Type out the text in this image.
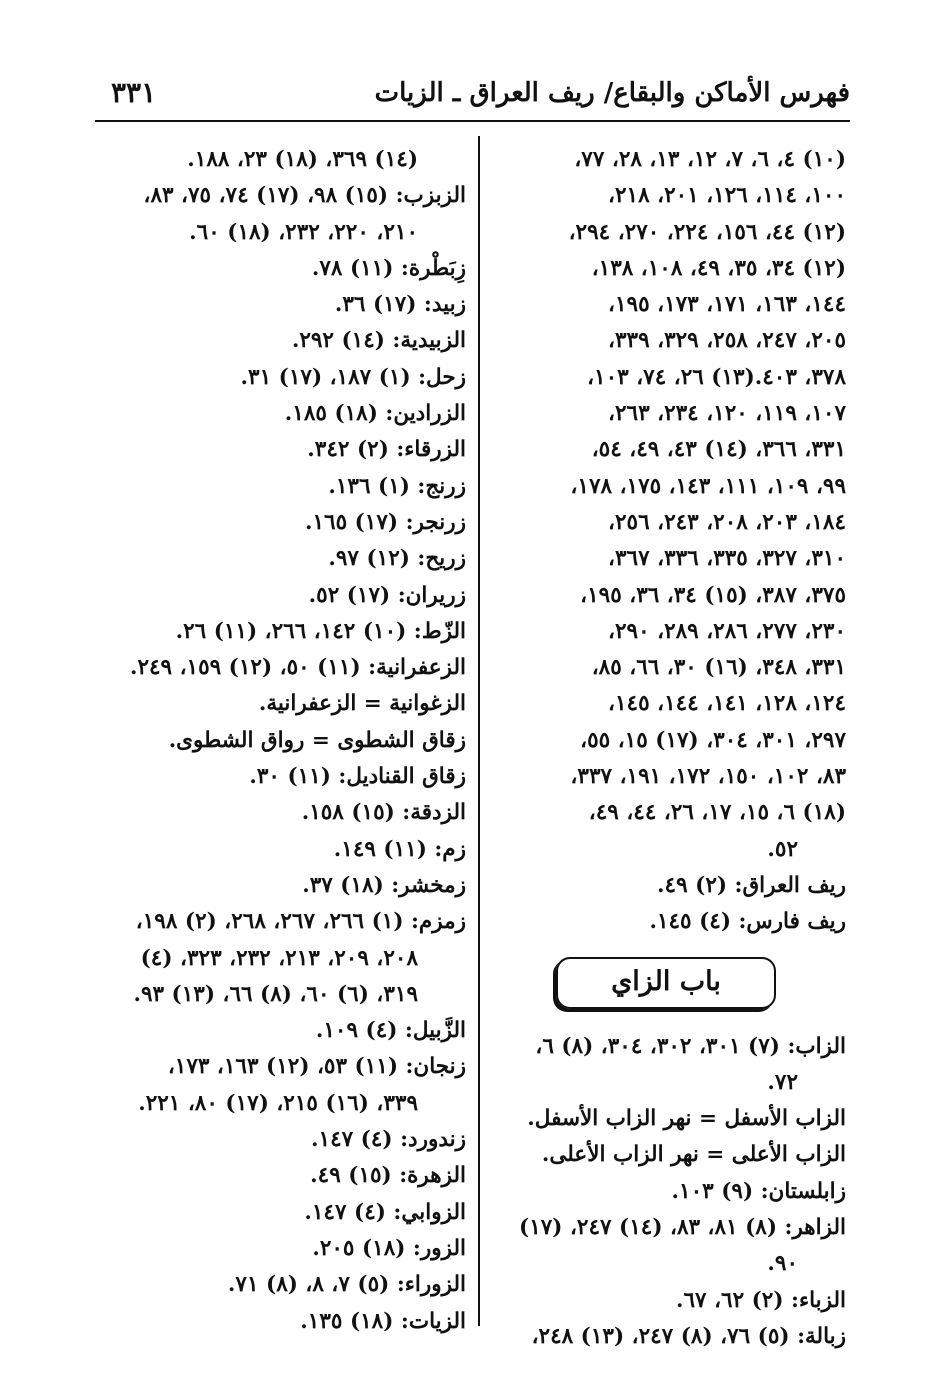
فهرس الأماكن والبقاع/ ريف العراق ـ الزيات
٣٣١
(١٠) ٤، ٦، ٧، ١٢، ١٣، ٢٨، ٧٧،
١٠٠، ١١٤، ١٢٦، ٢٠١، ٢١٨،
(١٢) ٤٤، ١٥٦، ٢٢٤، ٢٧٠، ٢٩٤،
(١٢) ٣٤، ٣٥، ٤٩، ١٠٨، ١٣٨،
١٤٤، ١٦٣، ١٧١، ١٧٣، ١٩٥،
٢٠٥، ٢٤٧، ٢٥٨، ٣٢٩، ٣٣٩،
٣٧٨، ٤٠٣.(١٣) ٢٦، ٧٤، ١٠٣،
١٠٧، ١١٩، ١٢٠، ٢٣٤، ٢٦٣،
٣٣١، ٣٦٦، (١٤) ٤٣، ٤٩، ٥٤،
٩٩، ١٠٩، ١١١، ١٤٣، ١٧٥، ١٧٨،
١٨٤، ٢٠٣، ٢٠٨، ٢٤٣، ٢٥٦،
٣١٠، ٣٢٧، ٣٣٥، ٣٣٦، ٣٦٧،
٣٧٥، ٣٨٧، (١٥) ٣٤، ٣٦، ١٩٥،
٢٣٠، ٢٧٧، ٢٨٦، ٢٨٩، ٢٩٠،
٣٣١، ٣٤٨، (١٦) ٣٠، ٦٦، ٨٥،
١٢٤، ١٢٨، ١٤١، ١٤٤، ١٤٥،
٢٩٧، ٣٠١، ٣٠٤، (١٧) ١٥، ٥٥،
٨٣، ١٠٢، ١٥٠، ١٧٢، ١٩١، ٣٣٧،
(١٨) ٦، ١٥، ١٧، ٢٦، ٤٤، ٤٩،
٥٢.
ريف العراق: (٢) ٤٩.
ريف فارس: (٤) ١٤٥.
باب الزاي
الزاب: (٧) ٣٠١، ٣٠٢، ٣٠٤، (٨) ٦،
٧٢.
الزاب الأسفل = نهر الزاب الأسفل.
الزاب الأعلى = نهر الزاب الأعلى.
زابلستان: (٩) ١٠٣.
الزاهر: (٨) ٨١، ٨٣، (١٤) ٢٤٧، (١٧)
٩٠.
الزباء: (٢) ٦٢، ٦٧.
زبالة: (٥) ٧٦، (٨) ٢٤٧، (١٣) ٢٤٨،
(١٤) ٣٦٩، (١٨) ٢٣، ١٨٨.
الزبزب: (١٥) ٩٨، (١٧) ٧٤، ٧٥، ٨٣،
٢١٠، ٢٢٠، ٢٣٢، (١٨) ٦٠.
زِبَطْرة: (١١) ٧٨.
زبيد: (١٧) ٣٦.
الزبيدية: (١٤) ٢٩٢.
زحل: (١) ١٨٧، (١٧) ٣١.
الزرادين: (١٨) ١٨٥.
الزرقاء: (٢) ٣٤٢.
زرنج: (١) ١٣٦.
زرنجر: (١٧) ١٦٥.
زريح: (١٢) ٩٧.
زريران: (١٧) ٥٢.
الزّط: (١٠) ١٤٢، ٢٦٦، (١١) ٢٦.
الزعفرانية: (١١) ٥٠، (١٢) ١٥٩، ٢٤٩.
الزغوانية = الزعفرانية.
زقاق الشطوى = رواق الشطوى.
زقاق القناديل: (١١) ٣٠.
الزدقة: (١٥) ١٥٨.
زم: (١١) ١٤٩.
زمخشر: (١٨) ٣٧.
زمزم: (١) ٢٦٦، ٢٦٧، ٢٦٨، (٢) ١٩٨،
٢٠٨، ٢٠٩، ٢١٣، ٢٣٢، ٣٢٣، (٤)
٣١٩، (٦) ٦٠، (٨) ٦٦، (١٣) ٩٣.
الزَّبيل: (٤) ١٠٩.
زنجان: (١١) ٥٣، (١٢) ١٦٣، ١٧٣،
٣٣٩، (١٦) ٢١٥، (١٧) ٨٠، ٢٢١.
زندورد: (٤) ١٤٧.
الزهرة: (١٥) ٤٩.
الزوابي: (٤) ١٤٧.
الزور: (١٨) ٢٠٥.
الزوراء: (٥) ٧، ٨، (٨) ٧١.
الزيات: (١٨) ١٣٥.
